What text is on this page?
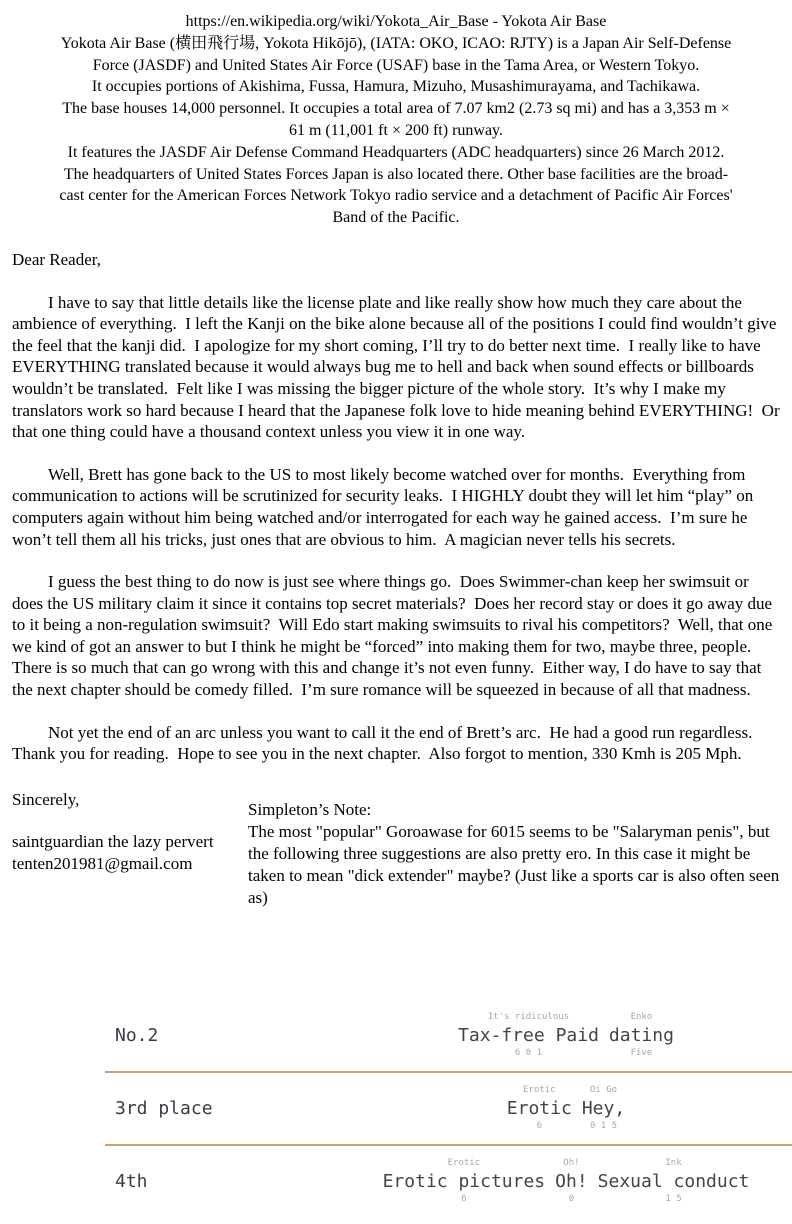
https://en.wikipedia.org/wiki/Yokota_Air_Base - Yokota Air Base
Yokota Air Base (横田飛行場, Yokota Hikōjō), (IATA: OKO, ICAO: RJTY) is a Japan Air Self-Defense
Force (JASDF) and United States Air Force (USAF) base in the Tama Area, or Western Tokyo.
It occupies portions of Akishima, Fussa, Hamura, Mizuho, Musashimurayama, and Tachikawa.
The base houses 14,000 personnel. It occupies a total area of 7.07 km2 (2.73 sq mi) and has a 3,353 m ×
61 m (11,001 ft × 200 ft) runway.
It features the JASDF Air Defense Command Headquarters (ADC headquarters) since 26 March 2012.
The headquarters of United States Forces Japan is also located there. Other base facilities are the broad-
cast center for the American Forces Network Tokyo radio service and a detachment of Pacific Air Forces'
Band of the Pacific.
Dear Reader,

I have to say that little details like the license plate and like really show how much they care about the ambience of everything.  I left the Kanji on the bike alone because all of the positions I could find wouldn’t give the feel that the kanji did.  I apologize for my short coming, I’ll try to do better next time.  I really like to have EVERYTHING translated because it would always bug me to hell and back when sound effects or billboards wouldn’t be translated.  Felt like I was missing the bigger picture of the whole story.  It’s why I make my translators work so hard because I heard that the Japanese folk love to hide meaning behind EVERYTHING!  Or that one thing could have a thousand context unless you view it in one way.

Well, Brett has gone back to the US to most likely become watched over for months.  Everything from communication to actions will be scrutinized for security leaks.  I HIGHLY doubt they will let him “play” on computers again without him being watched and/or interrogated for each way he gained access.  I’m sure he won’t tell them all his tricks, just ones that are obvious to him.  A magician never tells his secrets.

I guess the best thing to do now is just see where things go.  Does Swimmer-chan keep her swimsuit or does the US military claim it since it contains top secret materials?  Does her record stay or does it go away due to it being a non-regulation swimsuit?  Will Edo start making swimsuits to rival his competitors?  Well, that one we kind of got an answer to but I think he might be “forced” into making them for two, maybe three, people.  There is so much that can go wrong with this and change it’s not even funny.  Either way, I do have to say that the next chapter should be comedy filled.  I’m sure romance will be squeezed in because of all that madness.

Not yet the end of an arc unless you want to call it the end of Brett’s arc.  He had a good run regardless.  Thank you for reading.  Hope to see you in the next chapter.  Also forgot to mention, 330 Kmh is 205 Mph.

Sincerely,
saintguardian the lazy pervert
tenten201981@gmail.com
Simpleton’s Note:
The most "popular" Goroawase for 6015 seems to be "Salaryman penis", but the following three suggestions are also pretty ero. In this case it might be taken to mean "dick extender" maybe? (Just like a sports car is also often seen as)
No.2
It's ridiculous
Tax-free Paid
6 0 1
Enko
dating
Five
3rd place
Erotic
Erotic
6
Oi Go
Hey,
0 1 5
4th
Erotic
Erotic pictures
6
Oh!
Oh!
0
Ink
Sexual conduct
1 5
